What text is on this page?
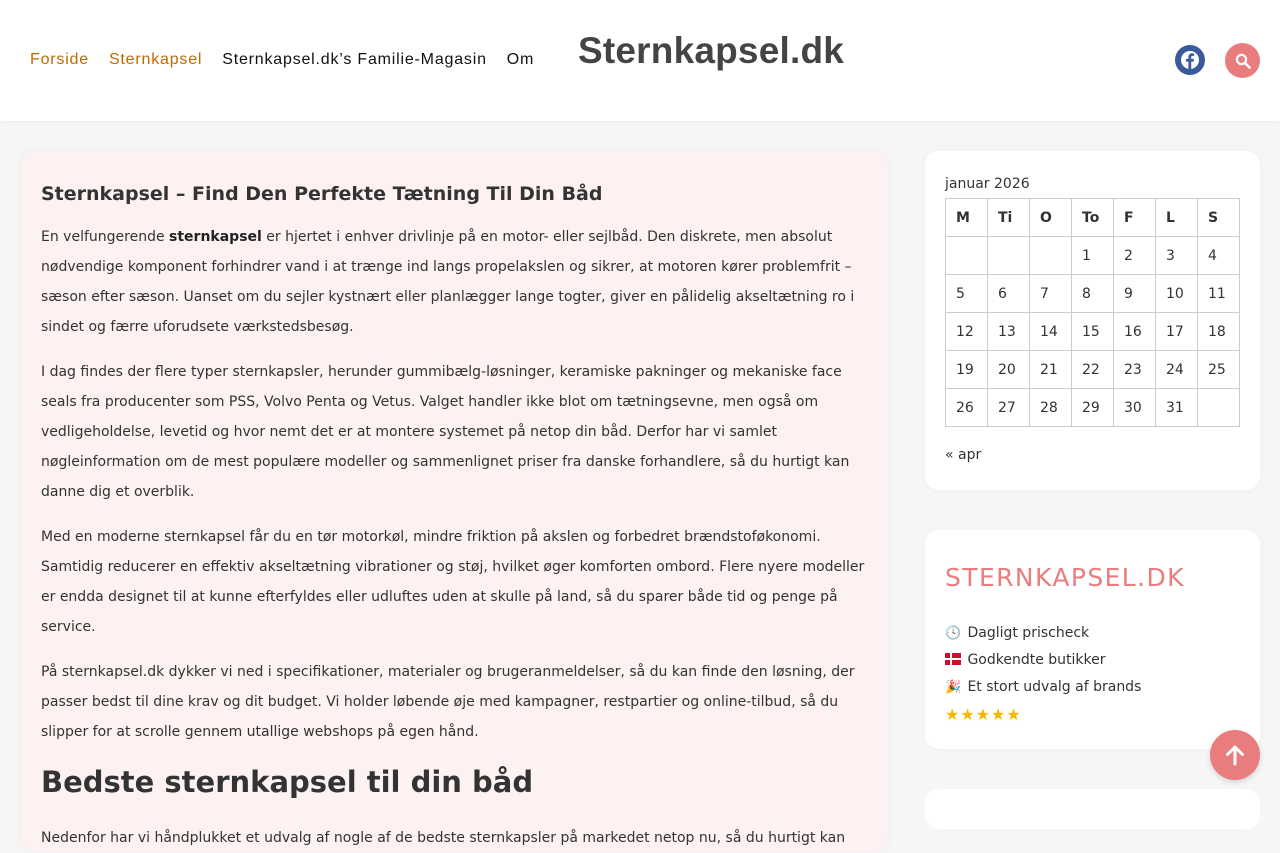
Forside Sternkapsel Sternkapsel.dk’s Familie-Magasin Om Sternkapsel.dk
Sternkapsel – Find Den Perfekte Tætning Til Din Båd

En velfungerende sternkapsel er hjertet i enhver drivlinje på en motor- eller sejlbåd. Den diskrete, men absolut nødvendige komponent forhindrer vand i at trænge ind langs propelakslen og sikrer, at motoren kører problemfrit – sæson efter sæson. Uanset om du sejler kystnært eller planlægger lange togter, giver en pålidelig akseltætning ro i sindet og færre uforudsete værkstedsbesøg.

I dag findes der flere typer sternkapsler, herunder gummibælg-løsninger, keramiske pakninger og mekaniske face seals fra producenter som PSS, Volvo Penta og Vetus. Valget handler ikke blot om tætningsevne, men også om vedligeholdelse, levetid og hvor nemt det er at montere systemet på netop din båd. Derfor har vi samlet nøgleinformation om de mest populære modeller og sammenlignet priser fra danske forhandlere, så du hurtigt kan danne dig et overblik.

Med en moderne sternkapsel får du en tør motorkøl, mindre friktion på akslen og forbedret brændstoføkonomi. Samtidig reducerer en effektiv akseltætning vibrationer og støj, hvilket øger komforten ombord. Flere nyere modeller er endda designet til at kunne efterfyldes eller udluftes uden at skulle på land, så du sparer både tid og penge på service.

På sternkapsel.dk dykker vi ned i specifikationer, materialer og brugeranmeldelser, så du kan finde den løsning, der passer bedst til dine krav og dit budget. Vi holder løbende øje med kampagner, restpartier og online-tilbud, så du slipper for at scrolle gennem utallige webshops på egen hånd.

Bedste sternkapsel til din båd

Nedenfor har vi håndplukket et udvalg af nogle af de bedste sternkapsler på markedet netop nu, så du hurtigt kan

januar 2026
M	Ti	O	To	F	L	S
			1	2	3	4
5	6	7	8	9	10	11
12	13	14	15	16	17	18
19	20	21	22	23	24	25
26	27	28	29	30	31	
« apr
STERNKAPSEL.DK
🕓 Dagligt prischeck
Godkendte butikker
🎉 Et stort udvalg af brands
★★★★★
